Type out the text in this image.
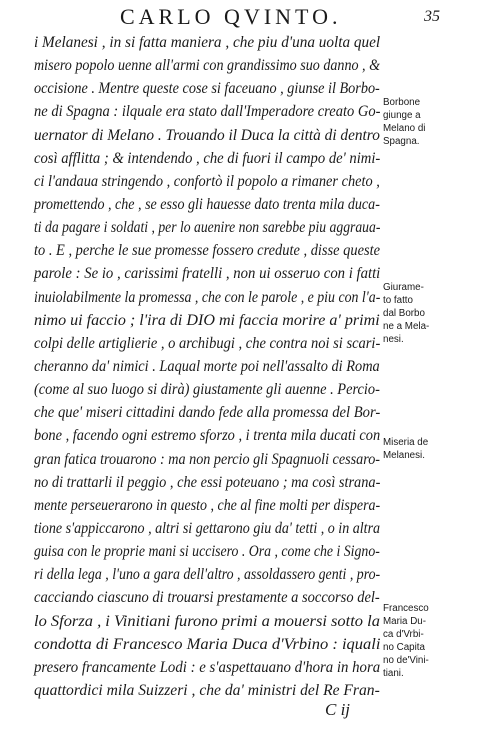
CARLO QVINTO.	35
i Melanesi , in si fatta maniera , che piu d'una uolta quel
misero popolo uenne all'armi con grandissimo suo danno , &
occisione . Mentre queste cose si faceuano , giunse il Borbo-
ne di Spagna : ilquale era stato dall'Imperadore creato Go-
uernator di Melano . Trouando il Duca la città di dentro
così afflitta ; & intendendo , che di fuori il campo de' nimi-
ci l'andaua stringendo , confortò il popolo a rimaner cheto ,
promettendo , che , se esso gli hauesse dato trenta mila duca-
ti da pagare i soldati , per lo auenire non sarebbe piu aggraua-
to . E , perche le sue promesse fossero credute , disse queste
parole : Se io , carissimi fratelli , non ui osseruo con i fatti
inuiolabilmente la promessa , che con le parole , e piu con l'a-
nimo ui faccio ; l'ira di DIO mi faccia morire a' primi
colpi delle artiglierie , o archibugi , che contra noi si scari-
cheranno da' nimici . Laqual morte poi nell'assalto di Roma
(come al suo luogo si dirà) giustamente gli auenne . Percio-
che que' miseri cittadini dando fede alla promessa del Bor-
bone , facendo ogni estremo sforzo , i trenta mila ducati con
gran fatica trouarono : ma non percio gli Spagnuoli cessaro-
no di trattarli il peggio , che essi poteuano ; ma così strana-
mente perseuerarono in questo , che al fine molti per dispera-
tione s'appiccarono , altri si gettarono giu da' tetti , o in altra
guisa con le proprie mani si uccisero . Ora , come che i Signo-
ri della lega , l'uno a gara dell'altro , assoldassero genti , pro-
cacciando ciascuno di trouarsi prestamente a soccorso del-
lo Sforza , i Vinitiani furono primi a mouersi sotto la
condotta di Francesco Maria Duca d'Vrbino : iquali
presero francamente Lodi : e s'aspettauano d'hora in hora
quattordici mila Suizzeri , che da' ministri del Re Fran-
C ij
Borbone
giunge a
Melano di
Spagna.
Giurame-
to fatto
dal Borbo
ne a Mela-
nesi.
Miseria de
Melanesi.
Francesco
Maria Du-
ca d'Vrbi-
no Capita
no de'Vini-
tiani.
